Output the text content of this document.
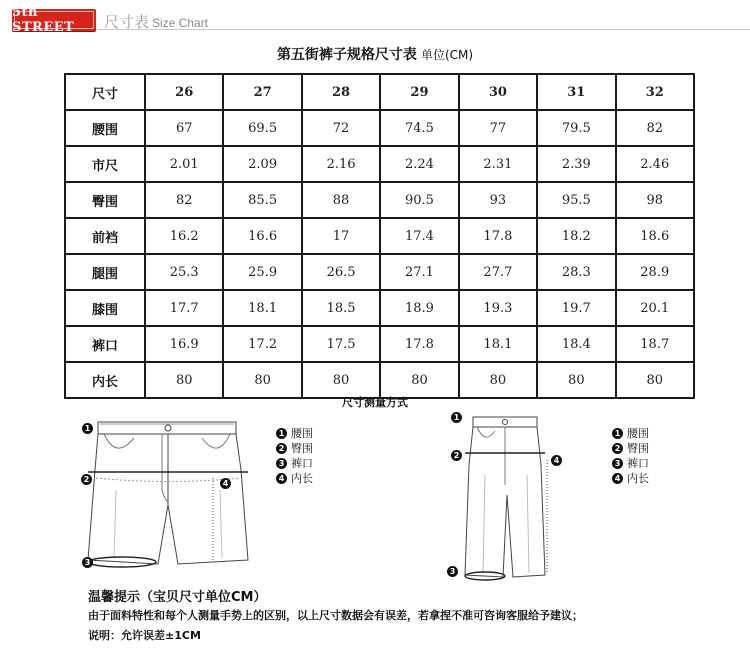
5th STREET	尺寸表 Size Chart
第五街裤子规格尺寸表 单位(CM)
尺寸	26	27	28	29	30	31	32
腰围	67	69.5	72	74.5	77	79.5	82
市尺	2.01	2.09	2.16	2.24	2.31	2.39	2.46
臀围	82	85.5	88	90.5	93	95.5	98
前裆	16.2	16.6	17	17.4	17.8	18.2	18.6
腿围	25.3	25.9	26.5	27.1	27.7	28.3	28.9
膝围	17.7	18.1	18.5	18.9	19.3	19.7	20.1
裤口	16.9	17.2	17.5	17.8	18.1	18.4	18.7
内长	80	80	80	80	80	80	80
尺寸测量方式
1
2
3
4
1 腰围
2 臀围
3 裤口
4 内长
1
2
3
4
1 腰围
2 臀围
3 裤口
4 内长
温馨提示（宝贝尺寸单位CM）
由于面料特性和每个人测量手势上的区别，以上尺寸数据会有误差，若拿捏不准可咨询客服给予建议；
说明：允许误差±1CM
